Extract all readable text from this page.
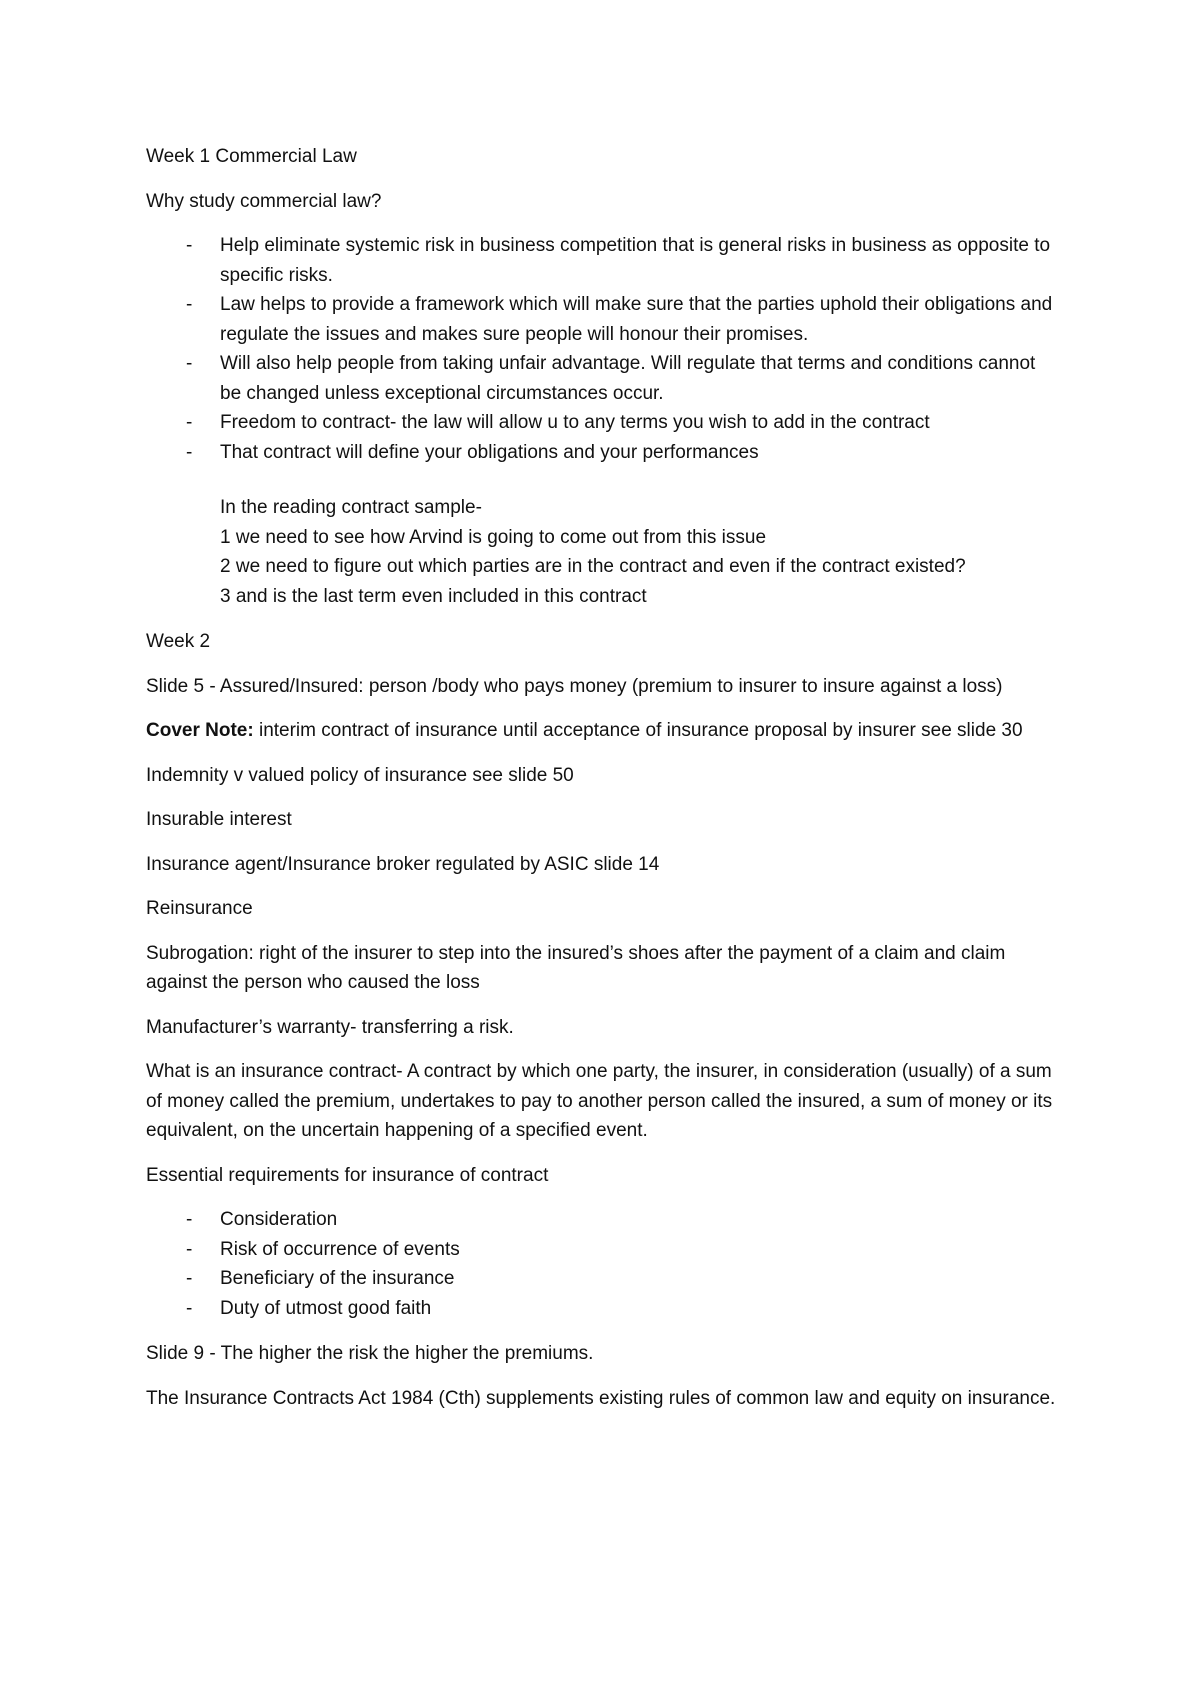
Week 1 Commercial Law

Why study commercial law?

- Help eliminate systemic risk in business competition that is general risks in business as opposite to specific risks.
- Law helps to provide a framework which will make sure that the parties uphold their obligations and regulate the issues and makes sure people will honour their promises.
- Will also help people from taking unfair advantage. Will regulate that terms and conditions cannot be changed unless exceptional circumstances occur.
- Freedom to contract- the law will allow u to any terms you wish to add in the contract
- That contract will define your obligations and your performances

In the reading contract sample-

1 we need to see how Arvind is going to come out from this issue

2 we need to figure out which parties are in the contract and even if the contract existed?

3 and is the last term even included in this contract

Week 2

Slide 5 - Assured/Insured: person /body who pays money (premium to insurer to insure against a loss)

Cover Note: interim contract of insurance until acceptance of insurance proposal by insurer see slide 30

Indemnity v valued policy of insurance see slide 50

Insurable interest

Insurance agent/Insurance broker regulated by ASIC slide 14

Reinsurance

Subrogation: right of the insurer to step into the insured’s shoes after the payment of a claim and claim against the person who caused the loss

Manufacturer’s warranty- transferring a risk.

What is an insurance contract- A contract by which one party, the insurer, in consideration (usually) of a sum of money called the premium, undertakes to pay to another person called the insured, a sum of money or its equivalent, on the uncertain happening of a specified event.

Essential requirements for insurance of contract

- Consideration
- Risk of occurrence of events
- Beneficiary of the insurance
- Duty of utmost good faith

Slide 9 - The higher the risk the higher the premiums.

The Insurance Contracts Act 1984 (Cth) supplements existing rules of common law and equity on insurance.
